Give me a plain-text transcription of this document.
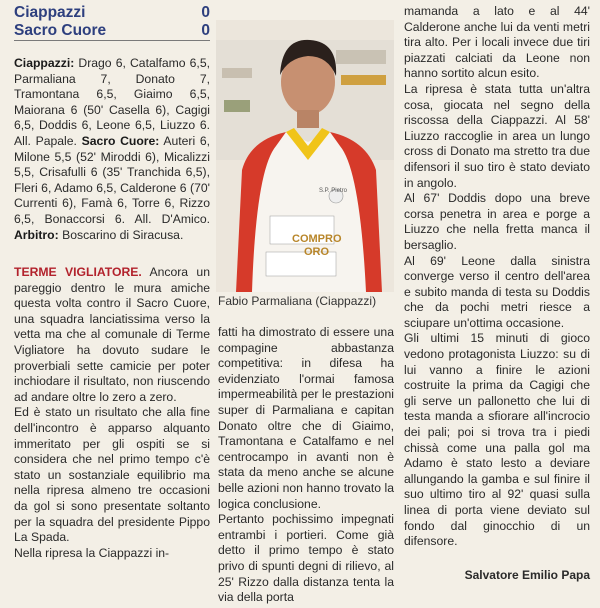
Ciappazzi	0
Sacro Cuore	0

Ciappazzi: Drago 6, Catalfamo 6,5, Parmaliana 7, Donato 7, Tramontana 6,5, Giaimo 6,5, Maiorana 6 (50' Casella 6), Cagigi 6,5, Doddis 6, Leone 6,5, Liuzzo 6. All. Papale. Sacro Cuore: Auteri 6, Milone 5,5 (52' Miroddi 6), Micalizzi 5,5, Crisafulli 6 (35' Tranchida 6,5), Fleri 6, Adamo 6,5, Calderone 6 (70' Currenti 6), Famà 6, Torre 6, Rizzo 6,5, Bonaccorsi 6. All. D'Amico. Arbitro: Boscarino di Siracusa.

TERME VIGLIATORE. Ancora un pareggio dentro le mura amiche questa volta contro il Sacro Cuore, una squadra lanciatissima verso la vetta ma che al comunale di Terme Vigliatore ha dovuto sudare le proverbiali sette camicie per poter inchiodare il risultato, non riuscendo ad andare oltre lo zero a zero.

Ed è stato un risultato che alla fine dell'incontro è apparso alquanto immeritato per gli ospiti se si considera che nel primo tempo c'è stato un sostanziale equilibrio ma nella ripresa almeno tre occasioni da gol si sono presentate soltanto per la squadra del presidente Pippo La Spada.

Nella ripresa la Ciappazzi in-

COMPRO
ORO
S.P. Pietro
Fabio Parmaliana (Ciappazzi)

fatti ha dimostrato di essere una compagine abbastanza competitiva: in difesa ha evidenziato l'ormai famosa impermeabilità per le prestazioni super di Parmaliana e capitan Donato oltre che di Giaimo, Tramontana e Catalfamo e nel centrocampo in avanti non è stata da meno anche se alcune belle azioni non hanno trovato la logica conclusione.

Pertanto pochissimo impegnati entrambi i portieri. Come già detto il primo tempo è stato privo di spunti degni di rilievo, al 25' Rizzo dalla distanza tenta la via della porta

mamanda a lato e al 44' Calderone anche lui da venti metri tira alto. Per i locali invece due tiri piazzati calciati da Leone non hanno sortito alcun esito.

La ripresa è stata tutta un'altra cosa, giocata nel segno della riscossa della Ciappazzi. Al 58' Liuzzo raccoglie in area un lungo cross di Donato ma stretto tra due difensori il suo tiro è stato deviato in angolo.

Al 67' Doddis dopo una breve corsa penetra in area e porge a Liuzzo che nella fretta manca il bersaglio.

Al 69' Leone dalla sinistra converge verso il centro dell'area e subito manda di testa su Doddis che da pochi metri riesce a sciupare un'ottima occasione.

Gli ultimi 15 minuti di gioco vedono protagonista Liuzzo: su di lui vanno a finire le azioni costruite la prima da Cagigi che gli serve un pallonetto che lui di testa manda a sfiorare all'incrocio dei pali; poi si trova tra i piedi chissà come una palla gol ma Adamo è stato lesto a deviare allungando la gamba e sul finire il suo ultimo tiro al 92' quasi sulla linea di porta viene deviato sul fondo dal ginocchio di un difensore.

Salvatore Emilio Papa
